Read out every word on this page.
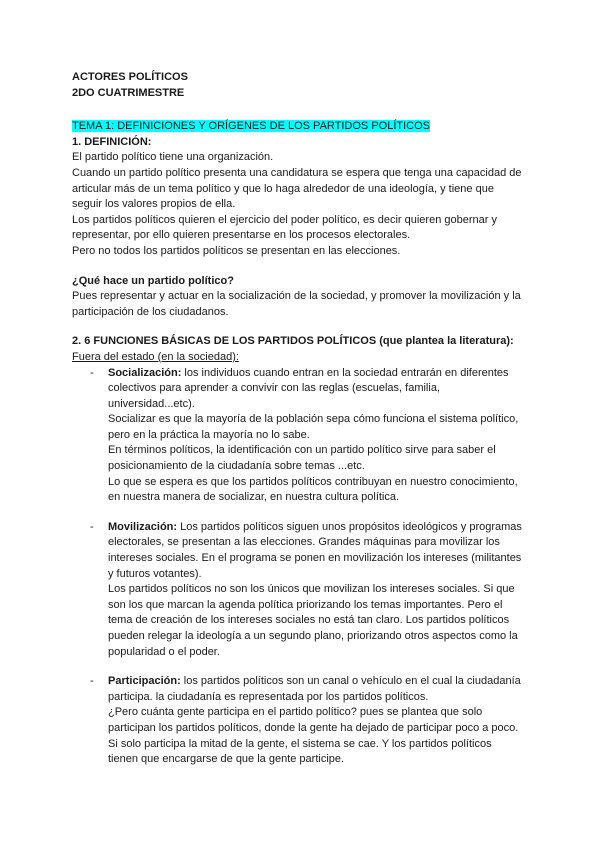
ACTORES POLÍTICOS

2DO CUATRIMESTRE

TEMA 1: DEFINICIONES Y ORÍGENES DE LOS PARTIDOS POLÍTICOS

1. DEFINICIÓN:

El partido político tiene una organización.

Cuando un partido político presenta una candidatura se espera que tenga una capacidad de

articular más de un tema político y que lo haga alrededor de una ideología, y tiene que

seguir los valores propios de ella.

Los partidos políticos quieren el ejercicio del poder político, es decir quieren gobernar y

representar, por ello quieren presentarse en los procesos electorales.

Pero no todos los partidos políticos se presentan en las elecciones.

¿Qué hace un partido político?

Pues representar y actuar en la socialización de la sociedad, y promover la movilización y la

participación de los ciudadanos.

2. 6 FUNCIONES BÁSICAS DE LOS PARTIDOS POLÍTICOS (que plantea la literatura):

Fuera del estado (en la sociedad):

- Socialización: los individuos cuando entran en la sociedad entrarán en diferentes

colectivos para aprender a convivir con las reglas (escuelas, familia,

universidad...etc).

Socializar es que la mayoría de la población sepa cómo funciona el sistema político,

pero en la práctica la mayoría no lo sabe.

En términos políticos, la identificación con un partido político sirve para saber el

posicionamiento de la ciudadanía sobre temas ...etc.

Lo que se espera es que los partidos políticos contribuyan en nuestro conocimiento,

en nuestra manera de socializar, en nuestra cultura política.

- Movilización: Los partidos políticos siguen unos propósitos ideológicos y programas

electorales, se presentan a las elecciones. Grandes máquinas para movilizar los

intereses sociales. En el programa se ponen en movilización los intereses (militantes

y futuros votantes).

Los partidos políticos no son los únicos que movilizan los intereses sociales. Si que

son los que marcan la agenda política priorizando los temas importantes. Pero el

tema de creación de los intereses sociales no está tan claro. Los partidos políticos

pueden relegar la ideología a un segundo plano, priorizando otros aspectos como la

popularidad o el poder.

- Participación: los partidos políticos son un canal o vehículo en el cual la ciudadanía

participa. la ciudadanía es representada por los partidos políticos.

¿Pero cuánta gente participa en el partido político? pues se plantea que solo

participan los partidos políticos, donde la gente ha dejado de participar poco a poco.

Si solo participa la mitad de la gente, el sistema se cae. Y los partidos políticos

tienen que encargarse de que la gente participe.
